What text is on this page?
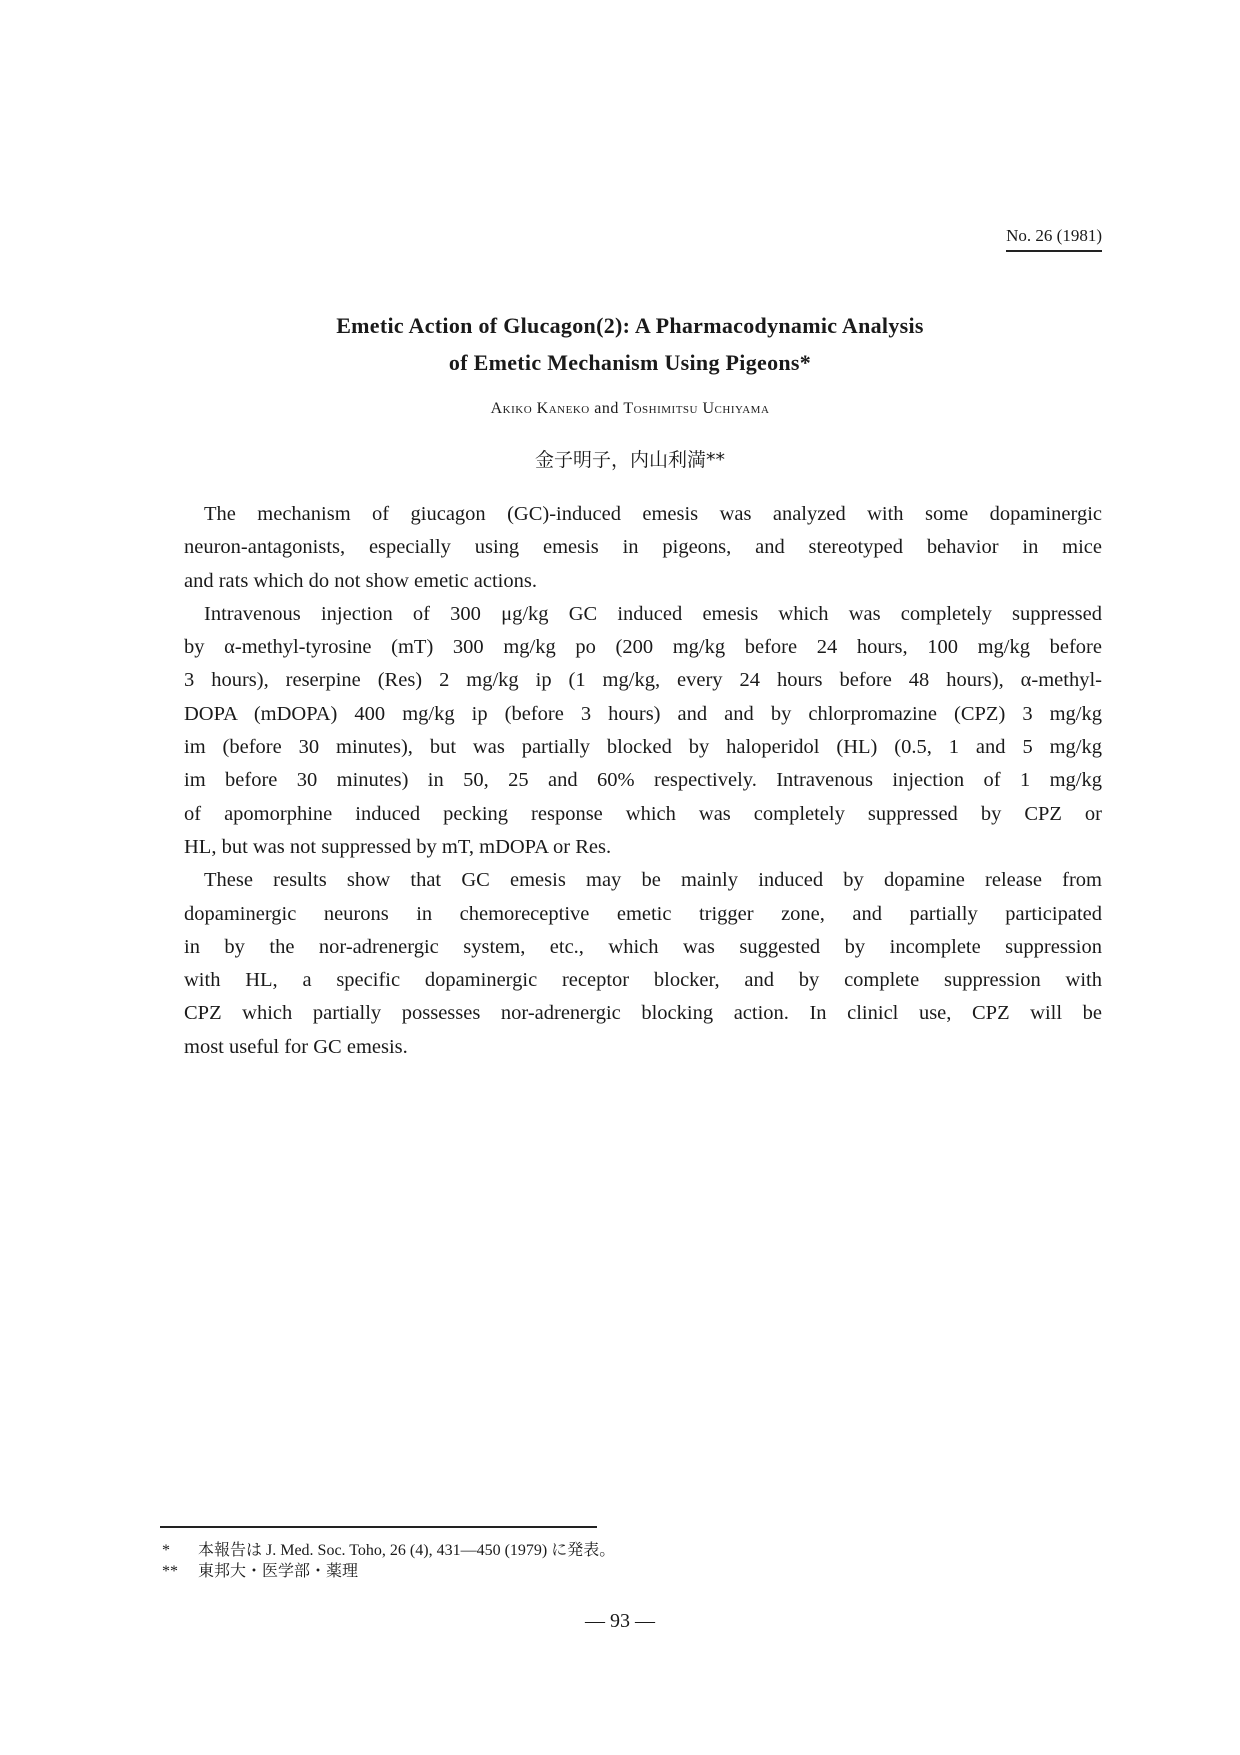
No. 26 (1981)
Emetic Action of Glucagon(2): A Pharmacodynamic Analysis
of Emetic Mechanism Using Pigeons*
Akiko Kaneko and Toshimitsu Uchiyama
金子明子，内山利満**
The mechanism of giucagon (GC)-induced emesis was analyzed with some dopaminergic
neuron-antagonists, especially using emesis in pigeons, and stereotyped behavior in mice
and rats which do not show emetic actions.
Intravenous injection of 300 μg/kg GC induced emesis which was completely suppressed
by α-methyl-tyrosine (mT) 300 mg/kg po (200 mg/kg before 24 hours, 100 mg/kg before
3 hours), reserpine (Res) 2 mg/kg ip (1 mg/kg, every 24 hours before 48 hours), α-methyl-
DOPA (mDOPA) 400 mg/kg ip (before 3 hours) and and by chlorpromazine (CPZ) 3 mg/kg
im (before 30 minutes), but was partially blocked by haloperidol (HL) (0.5, 1 and 5 mg/kg
im before 30 minutes) in 50, 25 and 60% respectively. Intravenous injection of 1 mg/kg
of apomorphine induced pecking response which was completely suppressed by CPZ or
HL, but was not suppressed by mT, mDOPA or Res.
These results show that GC emesis may be mainly induced by dopamine release from
dopaminergic neurons in chemoreceptive emetic trigger zone, and partially participated
in by the nor-adrenergic system, etc., which was suggested by incomplete suppression
with HL, a specific dopaminergic receptor blocker, and by complete suppression with
CPZ which partially possesses nor-adrenergic blocking action. In clinicl use, CPZ will be
most useful for GC emesis.
* 本報告は J. Med. Soc. Toho, 26 (4), 431—450 (1979) に発表。
** 東邦大・医学部・薬理
— 93 —
